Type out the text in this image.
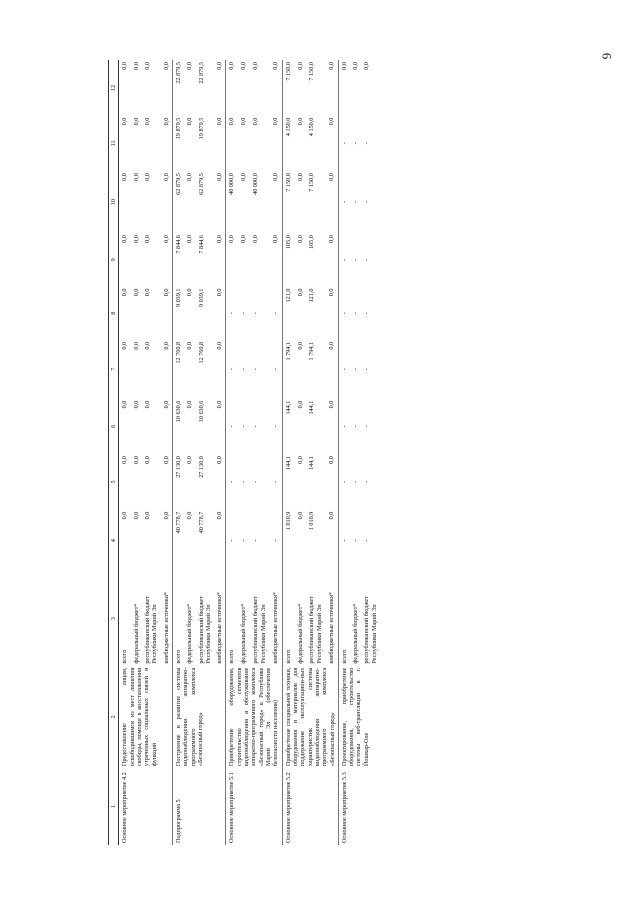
6
1	2	3	4	5	6	7	8	9	10	11	12
Основное мероприятие 4.2	Предоставление лицам, освободившимся из мест лишения свободы, помощи в восстановлении утраченных социальных связей и функций	всего	0,0	0,0	0,0	0,0	0,0	0,0	0,0	0,0	0,0
		федеральный бюджет*	0,0	0,0	0,0	0,0	0,0	0,0	0,0	0,0	0,0
		республиканский бюджет Республики Марий Эл	0,0	0,0	0,0	0,0	0,0	0,0	0,0	0,0	0,0
		внебюджетные источники*	0,0	0,0	0,0	0,0	0,0	0,0	0,0	0,0	0,0
Подпрограмма 5	Построение и развитие системы видеонаблюдения аппаратно-программного комплекса «Безопасный город»	всего	40 778,7	27 130,0	10 630,6	12 760,8	9 039,1	7 844,6	62 879,5	19 879,5	22 879,5
		федеральный бюджет*	0,0	0,0	0,0	0,0	0,0	0,0	0,0	0,0	0,0
		республиканский бюджет Республики Марий Эл	40 778,7	27 130,0	10 630,6	12 760,8	9 039,1	7 844,6	62 879,5	19 879,5	22 879,5
		внебюджетные источники*	0,0	0,0	0,0	0,0	0,0	0,0	0,0	0,0	0,0
Основное мероприятие 5.1	Приобретение оборудования, строительство сегментов видеонаблюдения и обслуживание аппаратно-программного комплекса «Безопасный город» в Республике Марий Эл (обеспечение безопасности населения)	всего	-	-	-	-	-	0,0	40 000,0	0,0	0,0
		федеральный бюджет*	-	-	-	-	-	0,0	0,0	0,0	0,0
		республиканский бюджет Республики Марий Эл	-	-	-	-	-	0,0	40 000,0	0,0	0,0
		внебюджетные источники*	-	-	-	-	-	0,0	0,0	0,0	0,0
Основное мероприятие 5.2	Приобретение специальной техники, оборудования и материалов для поддержания эксплуатацион-ных характеристик системы видеонаблюдения аппаратно-программного комплекса «Безопасный город»	всего	1 010,9	144,1	144,1	1 794,1	121,0	105,0	7 150,0	4 150,0	7 150,0
		федеральный бюджет*	0,0	0,0	0,0	0,0	0,0	0,0	0,0	0,0	0,0
		республиканский бюджет Республики Марий Эл	1 010,9	144,1	144,1	1 794,1	121,0	105,0	7 150,0	4 150,0	7 150,0
		внебюджетные источники*	0,0	0,0	0,0	0,0	0,0	0,0	0,0	0,0	0,0
Основное мероприятие 5.3	Проектирование, приобретение оборудования, строительство системы веб-трансляции в г. Йошкар-Оле	всего	-	-	-	-	-	-	-	-	0,0
		федеральный бюджет*	-	-	-	-	-	-	-	-	0,0
		республиканский бюджет Республики Марий Эл	-	-	-	-	-	-	-	-	0,0
